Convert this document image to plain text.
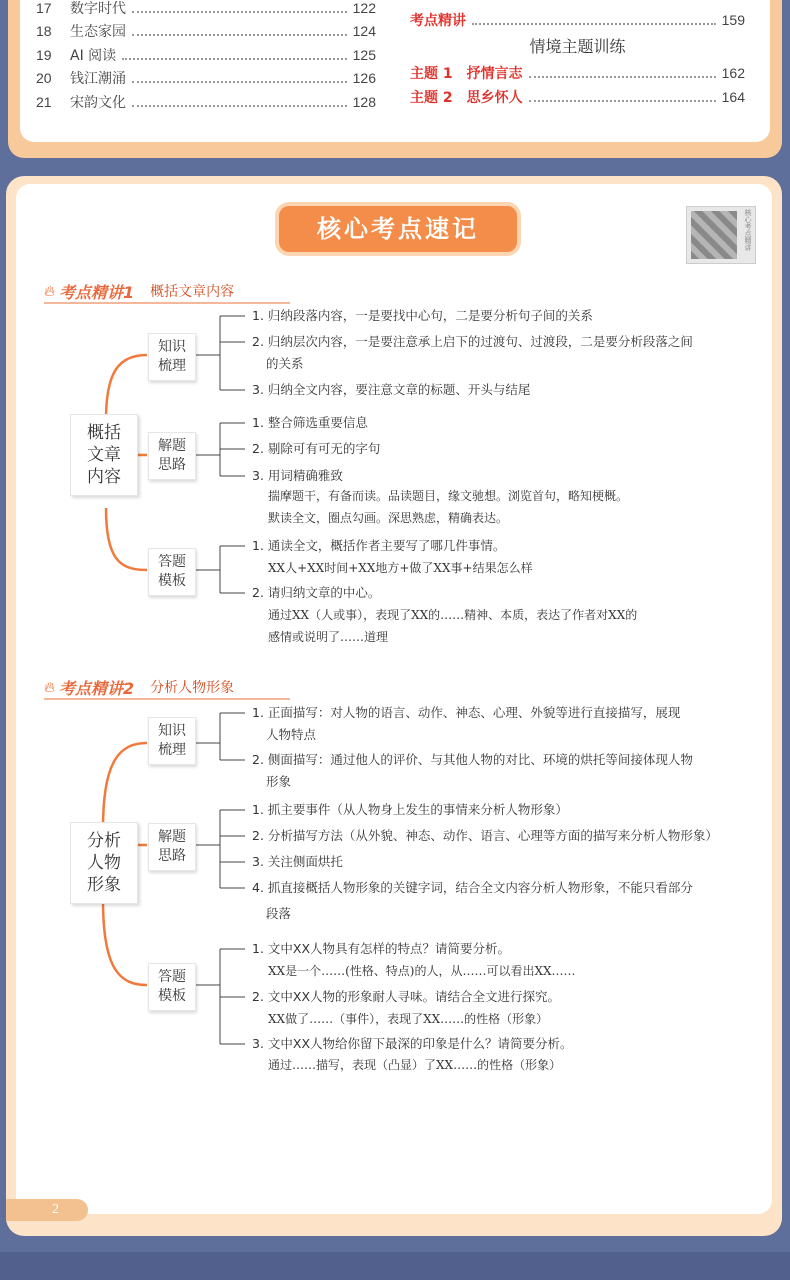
17	数字时代	122
18	生态家园	124
19	AI 阅读	125
20	钱江潮涌	126
21	宋韵文化	128
考点精讲	159
情境主题训练
主题 1　抒情言志	162
主题 2　思乡怀人	164
核心考点速记	核心考点精讲
🔥︎ 考点精讲1 概括文章内容
🔥︎ 考点精讲2 分析人物形象
概括文章内容
知识梳理
解题思路
答题模板
1. 归纳段落内容，一是要找中心句，二是要分析句子间的关系
2. 归纳层次内容，一是要注意承上启下的过渡句、过渡段，二是要分析段落之间
的关系
3. 归纳全文内容，要注意文章的标题、开头与结尾
1. 整合筛选重要信息
2. 剔除可有可无的字句
3. 用词精确雅致
揣摩题干，有备而读。品读题目，缘文驰想。浏览首句，略知梗概。
默读全文，圈点勾画。深思熟虑，精确表达。
1. 通读全文，概括作者主要写了哪几件事情。
XX人+XX时间+XX地方+做了XX事+结果怎么样
2. 请归纳文章的中心。
通过XX（人或事），表现了XX的……精神、本质，表达了作者对XX的
感情或说明了……道理
分析人物形象
知识梳理
解题思路
答题模板
1. 正面描写：对人物的语言、动作、神态、心理、外貌等进行直接描写，展现
人物特点
2. 侧面描写：通过他人的评价、与其他人物的对比、环境的烘托等间接体现人物
形象
1. 抓主要事件（从人物身上发生的事情来分析人物形象）
2. 分析描写方法（从外貌、神态、动作、语言、心理等方面的描写来分析人物形象）
3. 关注侧面烘托
4. 抓直接概括人物形象的关键字词，结合全文内容分析人物形象，不能只看部分
段落
1. 文中XX人物具有怎样的特点？请简要分析。
XX是一个……(性格、特点)的人，从……可以看出XX……
2. 文中XX人物的形象耐人寻味。请结合全文进行探究。
XX做了……（事件），表现了XX……的性格（形象）
3. 文中XX人物给你留下最深的印象是什么？请简要分析。
通过……描写，表现（凸显）了XX……的性格（形象）
2
